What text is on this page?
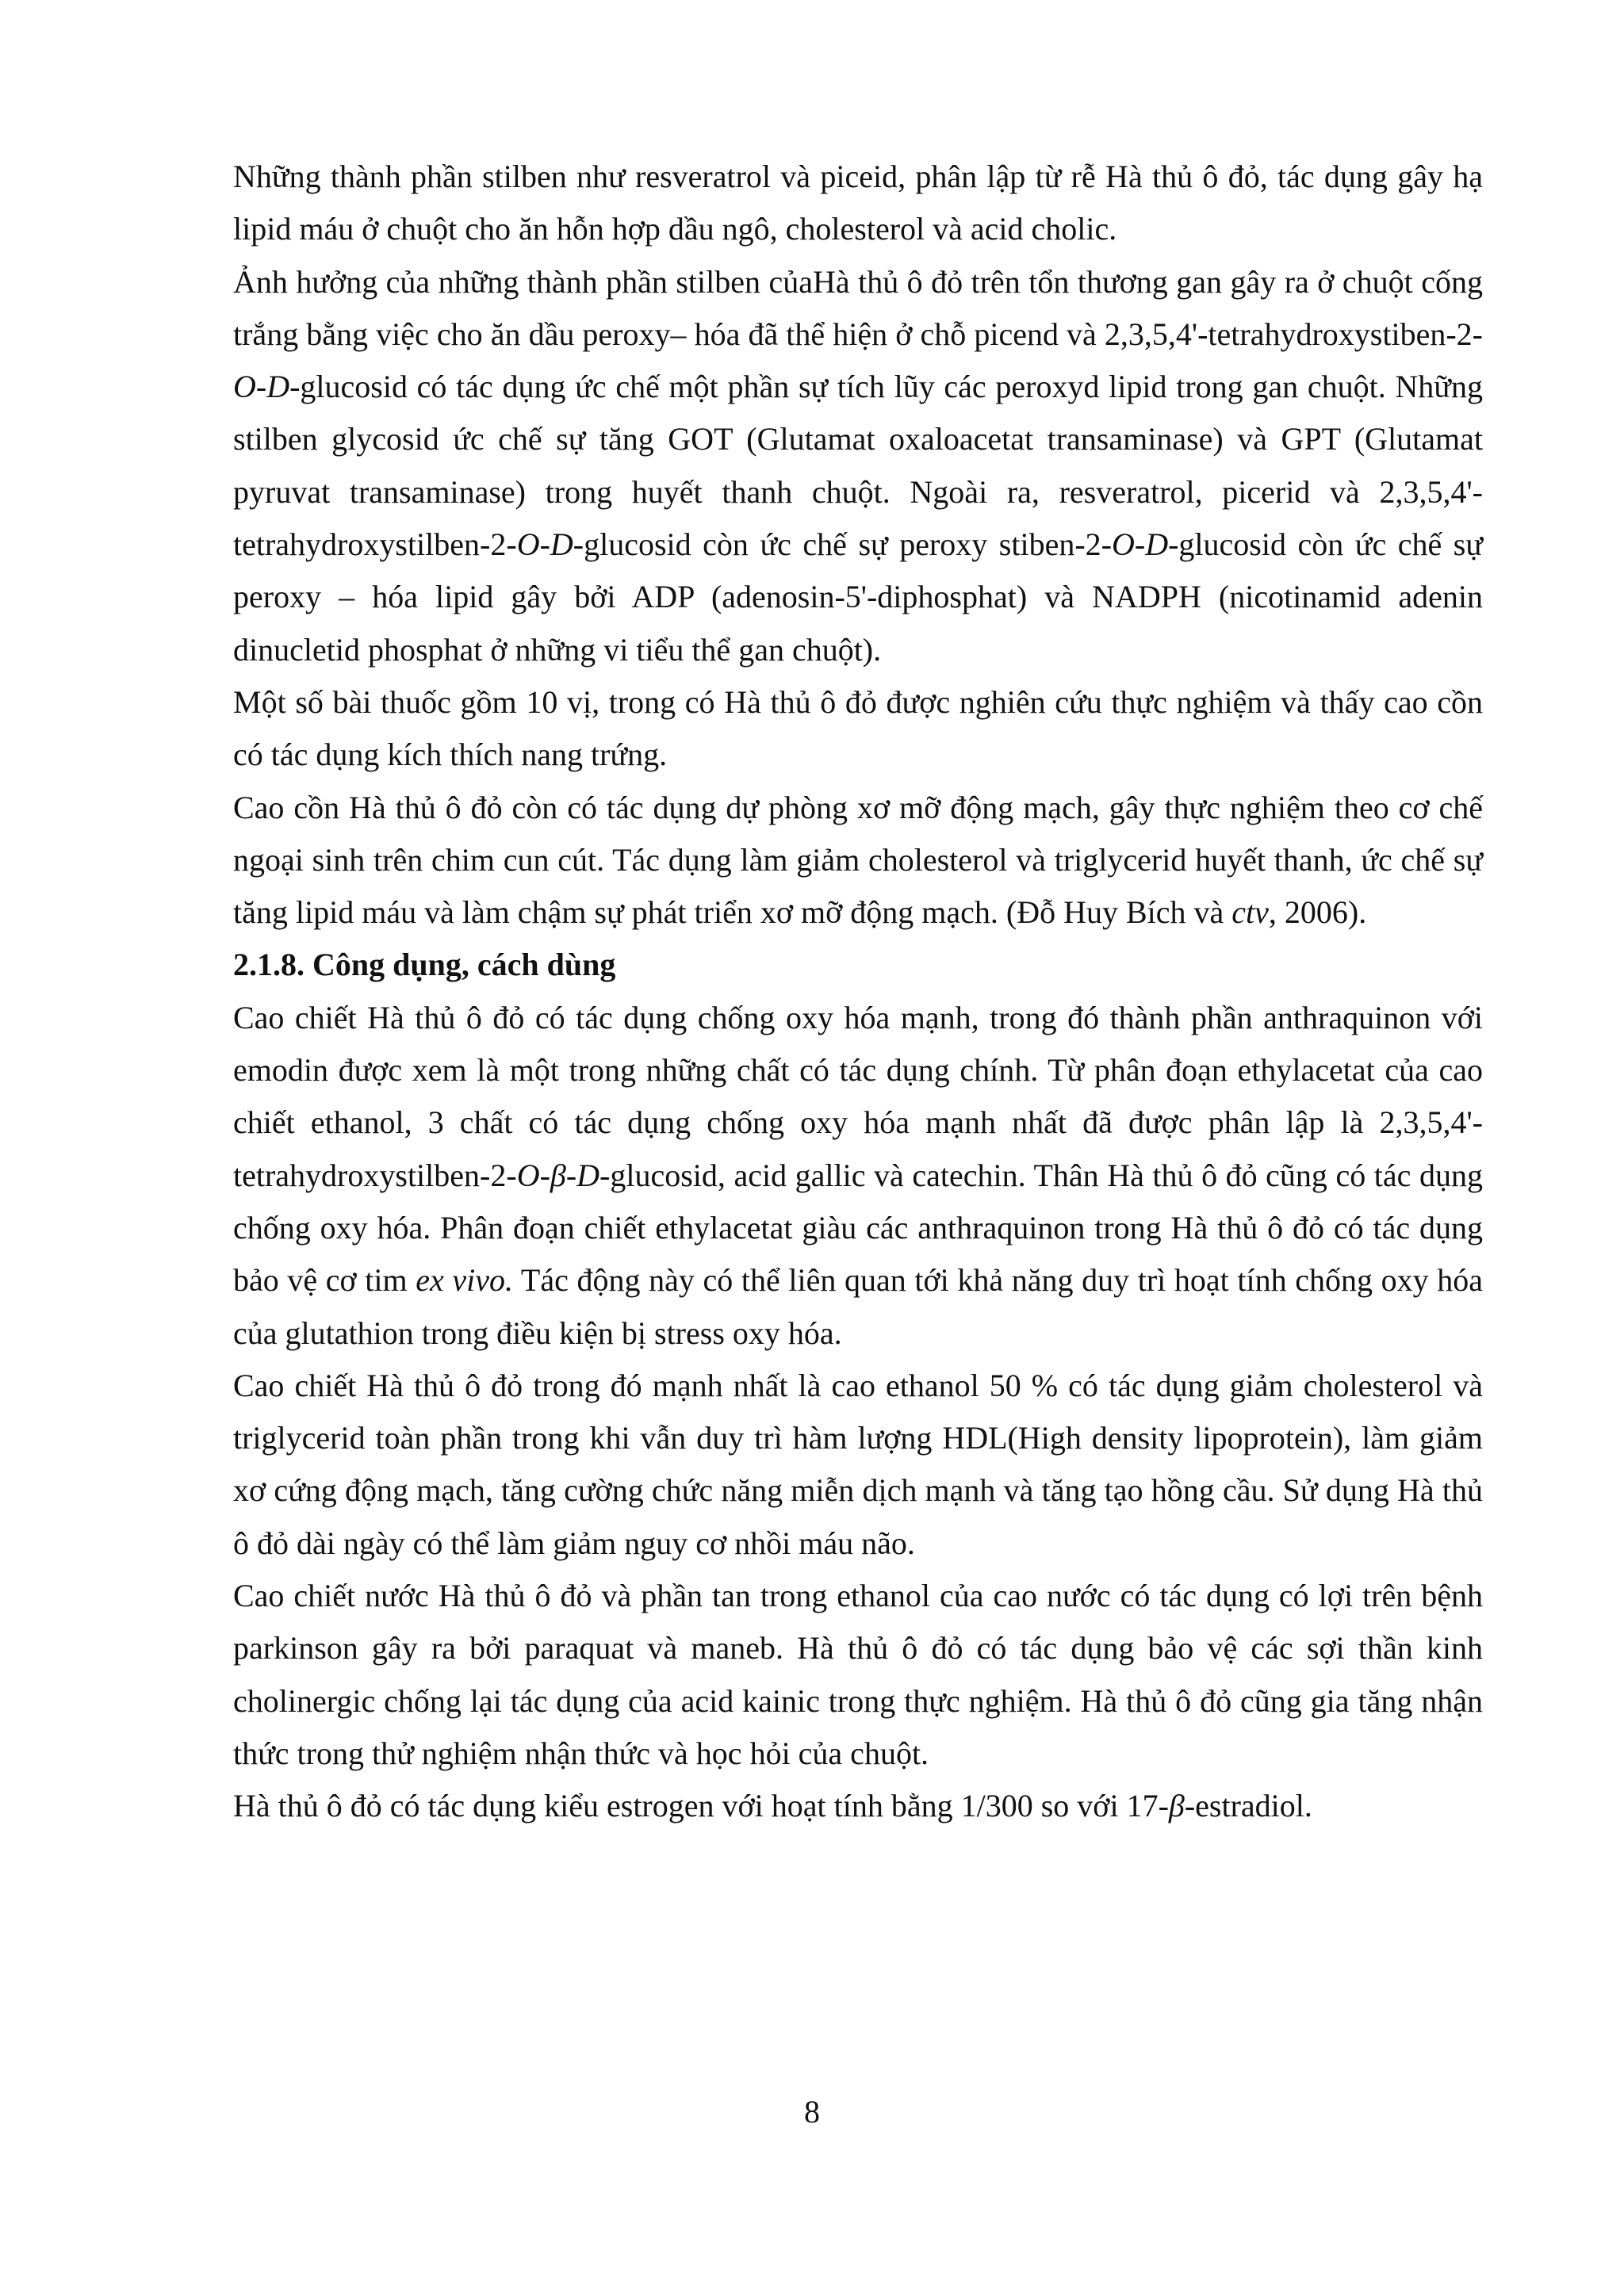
Những thành phần stilben như resveratrol và piceid, phân lập từ rễ Hà thủ ô đỏ, tác dụng gây hạ lipid máu ở chuột cho ăn hỗn hợp dầu ngô, cholesterol và acid cholic.

Ảnh hưởng của những thành phần stilben củaHà thủ ô đỏ trên tổn thương gan gây ra ở chuột cống trắng bằng việc cho ăn dầu peroxy– hóa đã thể hiện ở chỗ picend và 2,3,5,4'-tetrahydroxystiben-2-O-D-glucosid có tác dụng ức chế một phần sự tích lũy các peroxyd lipid trong gan chuột. Những stilben glycosid ức chế sự tăng GOT (Glutamat oxaloacetat transaminase) và GPT (Glutamat pyruvat transaminase) trong huyết thanh chuột. Ngoài ra, resveratrol, picerid và 2,3,5,4'-tetrahydroxystilben-2-O-D-glucosid còn ức chế sự peroxy stiben-2-O-D-glucosid còn ức chế sự peroxy – hóa lipid gây bởi ADP (adenosin-5'-diphosphat) và NADPH (nicotinamid adenin dinucletid phosphat ở những vi tiểu thể gan chuột).

Một số bài thuốc gồm 10 vị, trong có Hà thủ ô đỏ được nghiên cứu thực nghiệm và thấy cao cồn có tác dụng kích thích nang trứng.

Cao cồn Hà thủ ô đỏ còn có tác dụng dự phòng xơ mỡ động mạch, gây thực nghiệm theo cơ chế ngoại sinh trên chim cun cút. Tác dụng làm giảm cholesterol và triglycerid huyết thanh, ức chế sự tăng lipid máu và làm chậm sự phát triển xơ mỡ động mạch. (Đỗ Huy Bích và ctv, 2006).

2.1.8. Công dụng, cách dùng

Cao chiết Hà thủ ô đỏ có tác dụng chống oxy hóa mạnh, trong đó thành phần anthraquinon với emodin được xem là một trong những chất có tác dụng chính. Từ phân đoạn ethylacetat của cao chiết ethanol, 3 chất có tác dụng chống oxy hóa mạnh nhất đã được phân lập là 2,3,5,4'-tetrahydroxystilben-2-O-β-D-glucosid, acid gallic và catechin. Thân Hà thủ ô đỏ cũng có tác dụng chống oxy hóa. Phân đoạn chiết ethylacetat giàu các anthraquinon trong Hà thủ ô đỏ có tác dụng bảo vệ cơ tim ex vivo. Tác động này có thể liên quan tới khả năng duy trì hoạt tính chống oxy hóa của glutathion trong điều kiện bị stress oxy hóa.

Cao chiết Hà thủ ô đỏ trong đó mạnh nhất là cao ethanol 50 % có tác dụng giảm cholesterol và triglycerid toàn phần trong khi vẫn duy trì hàm lượng HDL(High density lipoprotein), làm giảm xơ cứng động mạch, tăng cường chức năng miễn dịch mạnh và tăng tạo hồng cầu. Sử dụng Hà thủ ô đỏ dài ngày có thể làm giảm nguy cơ nhồi máu não.

Cao chiết nước Hà thủ ô đỏ và phần tan trong ethanol của cao nước có tác dụng có lợi trên bệnh parkinson gây ra bởi paraquat và maneb. Hà thủ ô đỏ có tác dụng bảo vệ các sợi thần kinh cholinergic chống lại tác dụng của acid kainic trong thực nghiệm. Hà thủ ô đỏ cũng gia tăng nhận thức trong thử nghiệm nhận thức và học hỏi của chuột.

Hà thủ ô đỏ có tác dụng kiểu estrogen với hoạt tính bằng 1/300 so với 17-β-estradiol.

8
